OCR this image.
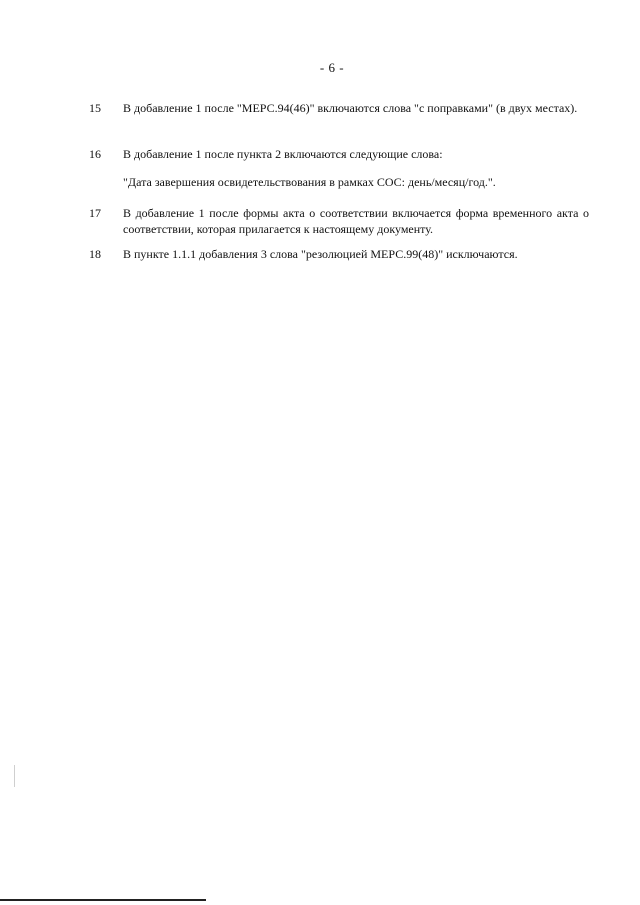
- 6 -
15	В добавление 1 после "МЕРС.94(46)" включаются слова "с поправками" (в двух местах).
16	В добавление 1 после пункта 2 включаются следующие слова:
"Дата завершения освидетельствования в рамках СОС: день/месяц/год.".
17	В добавление 1 после формы акта о соответствии включается форма временного акта о соответствии, которая прилагается к настоящему документу.
18	В пункте 1.1.1 добавления 3 слова "резолюцией МЕРС.99(48)" исключаются.
